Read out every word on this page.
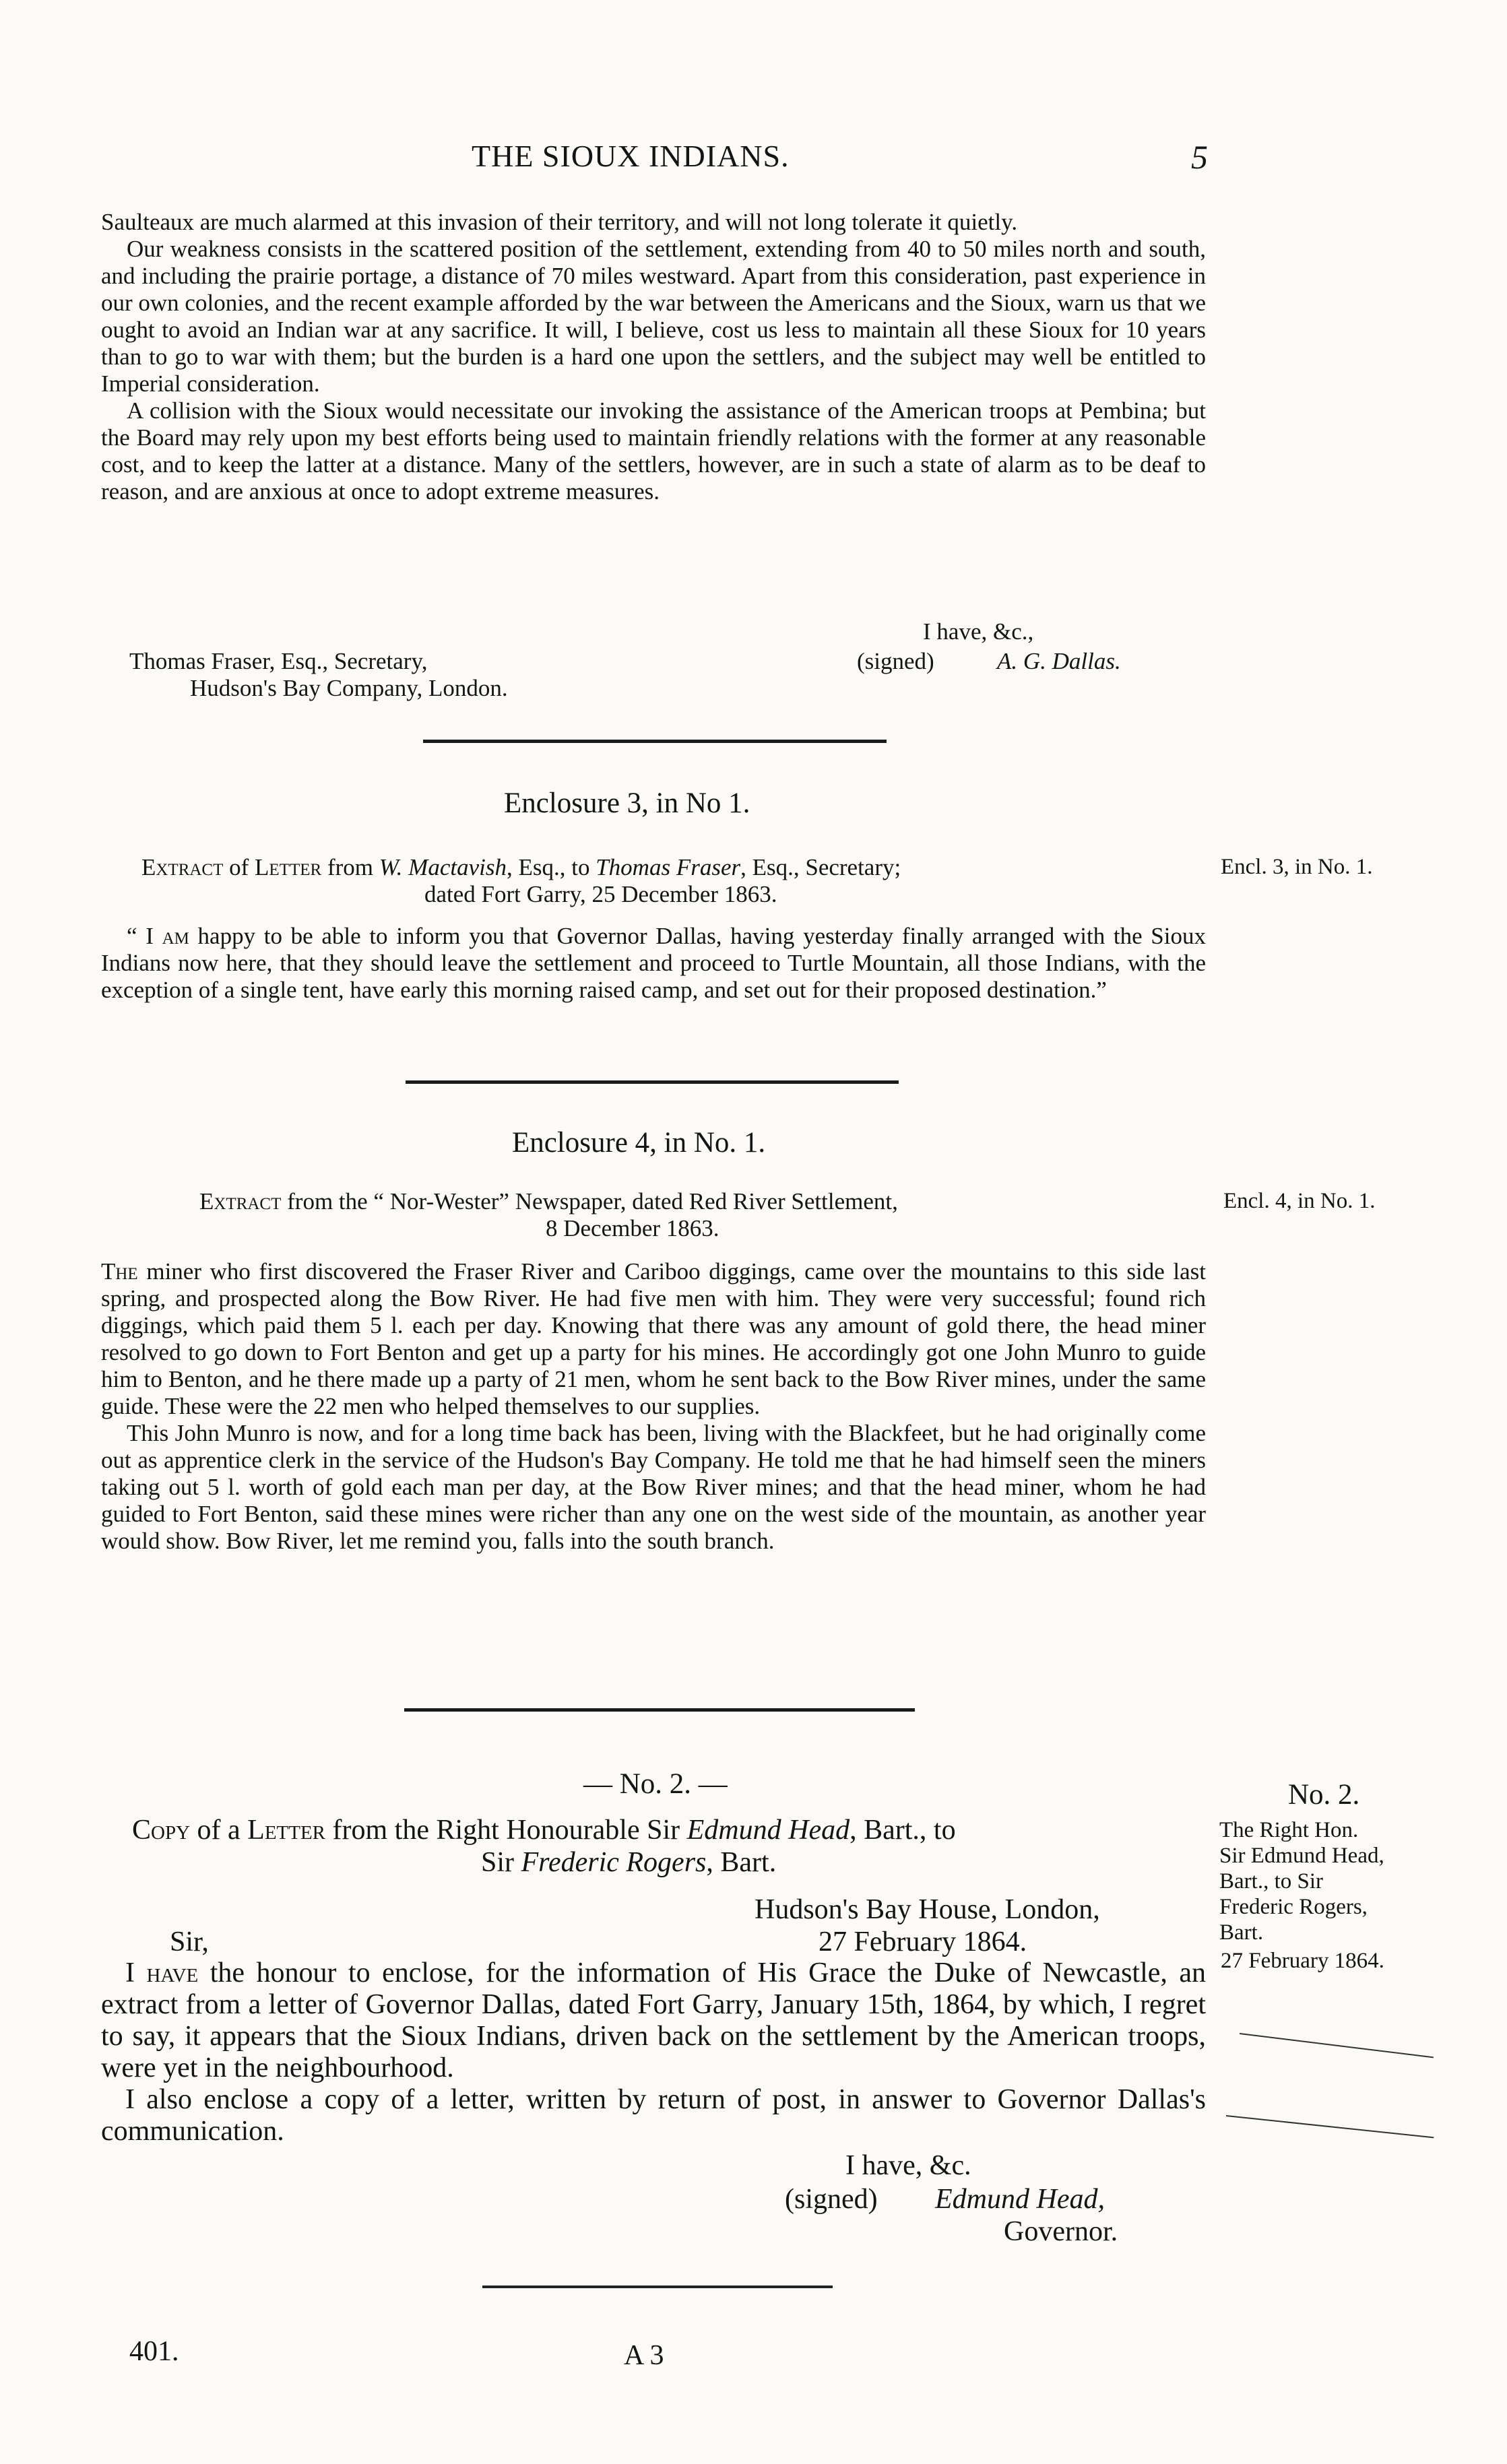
THE SIOUX INDIANS.	5

Saulteaux are much alarmed at this invasion of their territory, and will not long tolerate it quietly.

Our weakness consists in the scattered position of the settlement, extending from 40 to 50 miles north and south, and including the prairie portage, a distance of 70 miles westward. Apart from this consideration, past experience in our own colonies, and the recent example afforded by the war between the Americans and the Sioux, warn us that we ought to avoid an Indian war at any sacrifice. It will, I believe, cost us less to maintain all these Sioux for 10 years than to go to war with them; but the burden is a hard one upon the settlers, and the subject may well be entitled to Imperial consideration.

A collision with the Sioux would necessitate our invoking the assistance of the American troops at Pembina; but the Board may rely upon my best efforts being used to maintain friendly relations with the former at any reasonable cost, and to keep the latter at a distance. Many of the settlers, however, are in such a state of alarm as to be deaf to reason, and are anxious at once to adopt extreme measures.

I have, &c.,
(signed)	A. G. Dallas.
Thomas Fraser, Esq., Secretary,
Hudson's Bay Company, London.
Enclosure 3, in No 1.
Extract of Letter from W. Mactavish, Esq., to Thomas Fraser, Esq., Secretary;
dated Fort Garry, 25 December 1863.
Encl. 3, in No. 1.

“ I am happy to be able to inform you that Governor Dallas, having yesterday finally arranged with the Sioux Indians now here, that they should leave the settlement and proceed to Turtle Mountain, all those Indians, with the exception of a single tent, have early this morning raised camp, and set out for their proposed destination.”

Enclosure 4, in No. 1.
Extract from the “ Nor-Wester” Newspaper, dated Red River Settlement,
8 December 1863.
Encl. 4, in No. 1.

The miner who first discovered the Fraser River and Cariboo diggings, came over the mountains to this side last spring, and prospected along the Bow River. He had five men with him. They were very successful; found rich diggings, which paid them 5 l. each per day. Knowing that there was any amount of gold there, the head miner resolved to go down to Fort Benton and get up a party for his mines. He accordingly got one John Munro to guide him to Benton, and he there made up a party of 21 men, whom he sent back to the Bow River mines, under the same guide. These were the 22 men who helped themselves to our supplies.

This John Munro is now, and for a long time back has been, living with the Blackfeet, but he had originally come out as apprentice clerk in the service of the Hudson's Bay Company. He told me that he had himself seen the miners taking out 5 l. worth of gold each man per day, at the Bow River mines; and that the head miner, whom he had guided to Fort Benton, said these mines were richer than any one on the west side of the mountain, as another year would show. Bow River, let me remind you, falls into the south branch.

— No. 2. —
Copy of a Letter from the Right Honourable Sir Edmund Head, Bart., to
Sir Frederic Rogers, Bart.
Hudson's Bay House, London,
27 February 1864.
Sir,

I have the honour to enclose, for the information of His Grace the Duke of Newcastle, an extract from a letter of Governor Dallas, dated Fort Garry, January 15th, 1864, by which, I regret to say, it appears that the Sioux Indians, driven back on the settlement by the American troops, were yet in the neighbourhood.

I also enclose a copy of a letter, written by return of post, in answer to Governor Dallas's communication.

I have, &c.
(signed) Edmund Head,
Governor.
No. 2.
The Right Hon.
Sir Edmund Head,
Bart., to Sir
Frederic Rogers,
Bart.
27 February 1864.
401.	A 3
